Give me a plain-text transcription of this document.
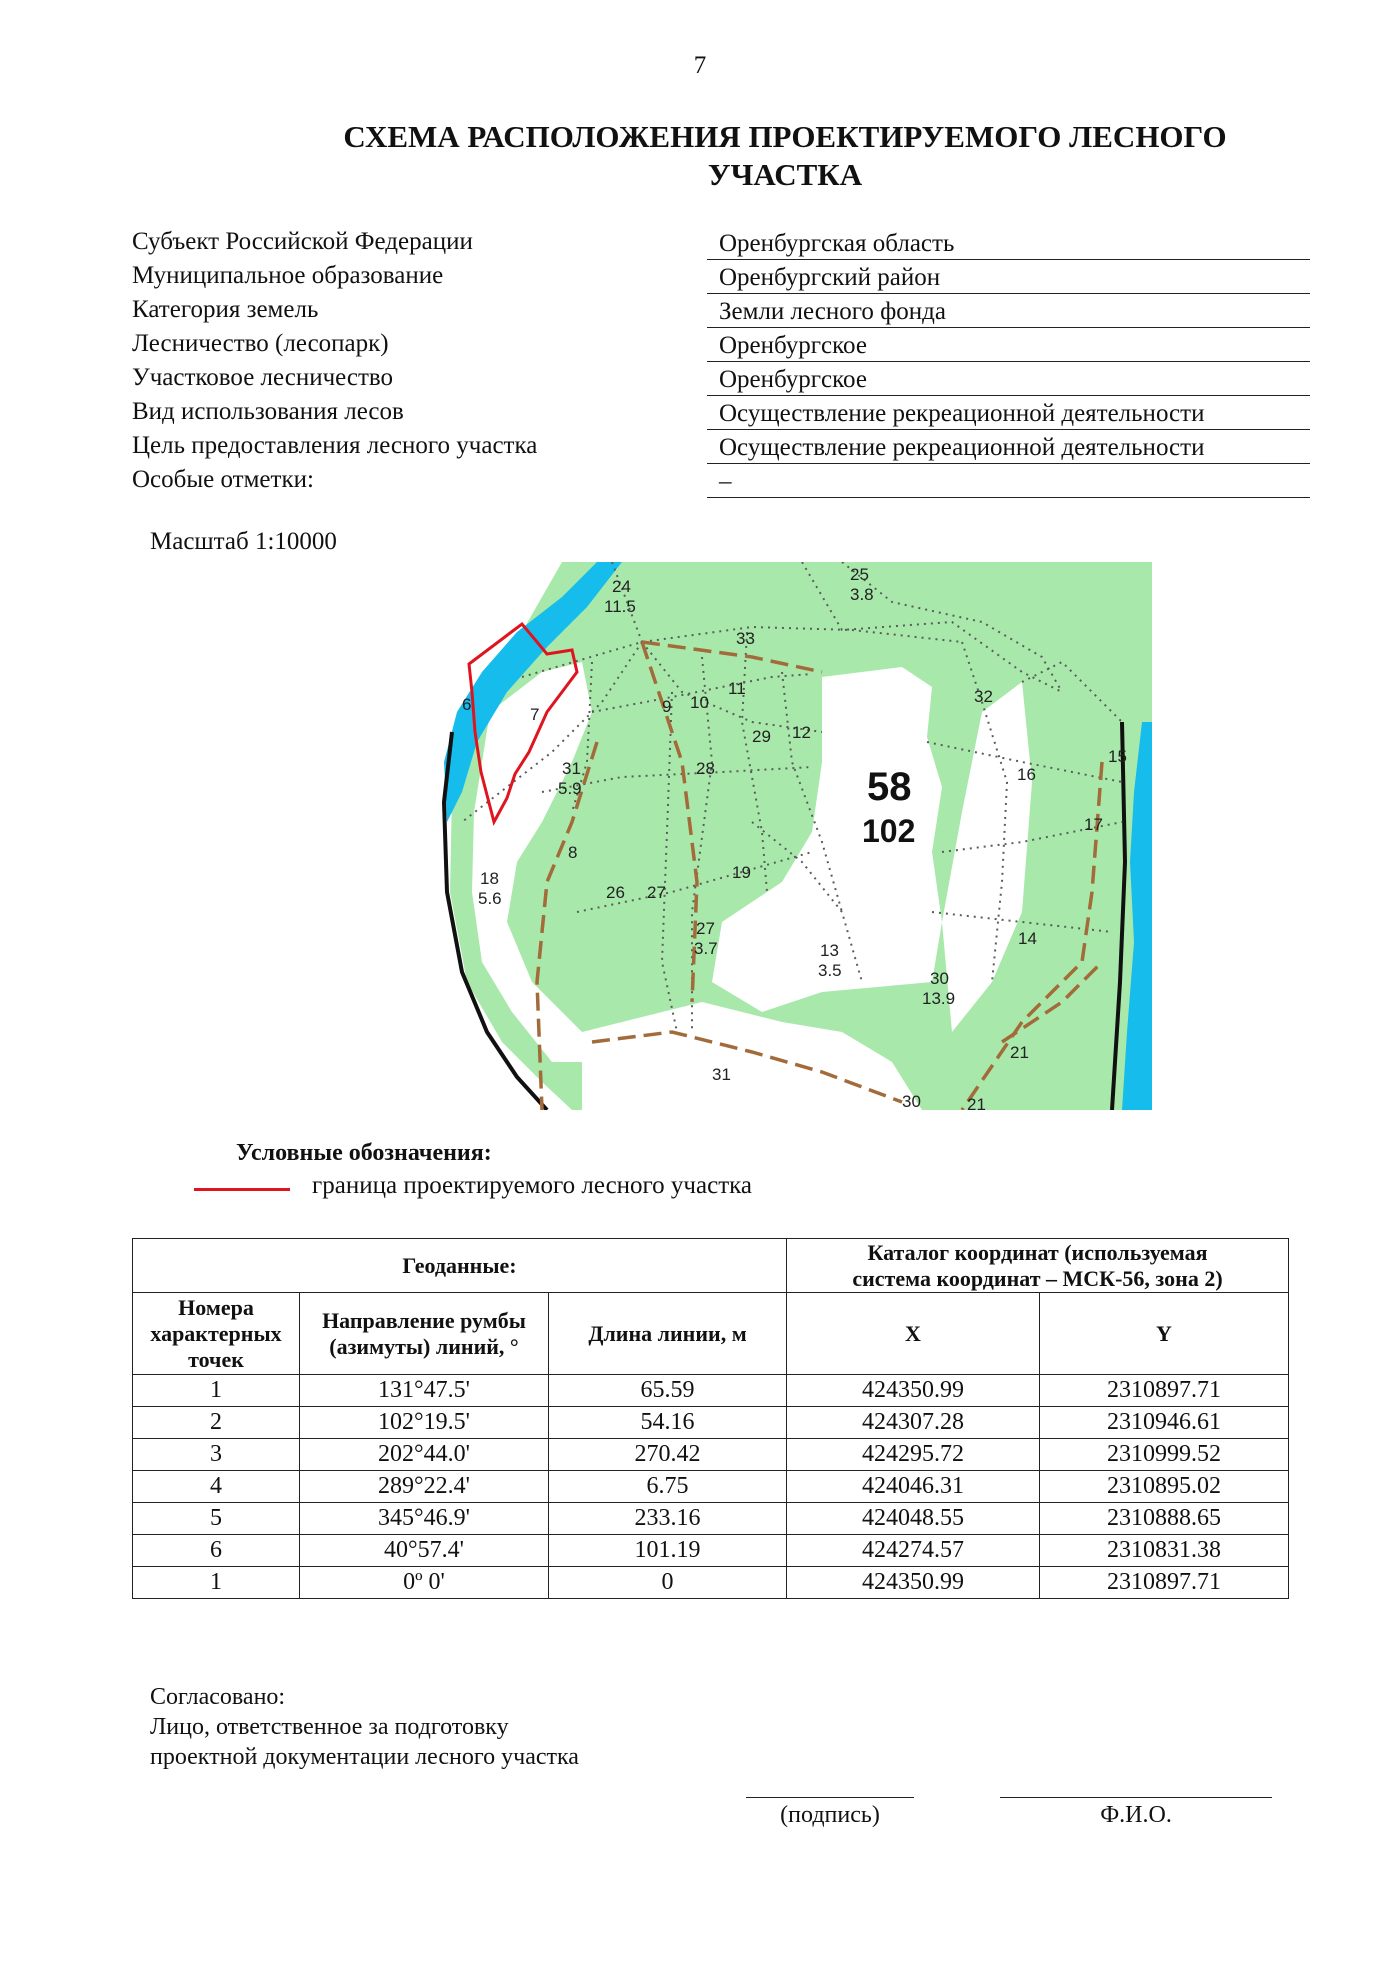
7
СХЕМА РАСПОЛОЖЕНИЯ ПРОЕКТИРУЕМОГО ЛЕСНОГО
УЧАСТКА
Субъект Российской Федерации	Оренбургская область
Муниципальное образование	Оренбургский район
Категория земель	Земли лесного фонда
Лесничество (лесопарк)	Оренбургское
Участковое лесничество	Оренбургское
Вид использования лесов	Осуществление рекреационной деятельности
Цель предоставления лесного участка	Осуществление рекреационной деятельности
Особые отметки:	–
Масштаб 1:10000
25
3.8
24
11.5
33
6
7	9 10
11
29 12
32
15
16
17
31
5.9
28
8
18
5.6	26 27
19
27
3.7	13
3.5
14
30
13.9
21
31
30	21
58
102
Условные обозначения:
граница проектируемого лесного участка
Геоданные:			Каталог координат (используемая система координат – МСК-56, зона 2)	
Номера характерных точек	Направление румбы (азимуты) линий, °	Длина линии, м	X	Y
1	131°47.5'	65.59	424350.99	2310897.71
2	102°19.5'	54.16	424307.28	2310946.61
3	202°44.0'	270.42	424295.72	2310999.52
4	289°22.4'	6.75	424046.31	2310895.02
5	345°46.9'	233.16	424048.55	2310888.65
6	40°57.4'	101.19	424274.57	2310831.38
1	0º 0'	0	424350.99	2310897.71
Согласовано:
Лицо, ответственное за подготовку
проектной документации лесного участка
(подпись)	Ф.И.О.
